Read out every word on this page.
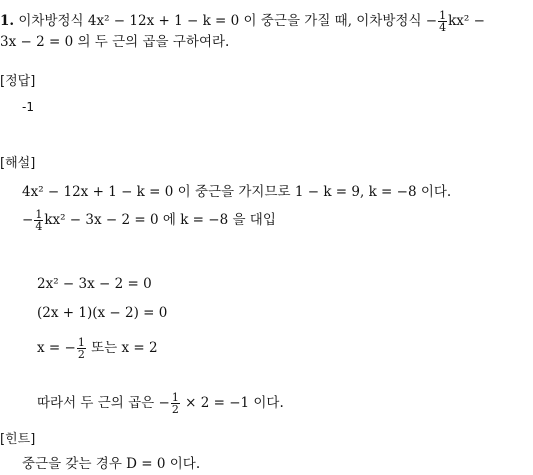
1. 이차방정식 4x² − 12x + 1 − k = 0 이 중근을 가질 때, 이차방정식 − $\frac{1}{4} kx^2$ −
3x − 2 = 0 의 두 근의 곱을 구하여라.
[정답]
-1
[해설]
4x² − 12x + 1 − k = 0 이 중근을 가지므로 1 − k = 9, k = −8 이다.
− $\frac{1}{4} kx^2 - 3x - 2 = 0$ 에 k = −8 을 대입
2x² − 3x − 2 = 0
(2x + 1)(x − 2) = 0
x = − $\frac{1}{2}$ 또는 x = 2
따라서 두 근의 곱은 − $\frac{1}{2} \times 2 = -1$ 이다.
[힌트]
중근을 갖는 경우 D = 0 이다.
